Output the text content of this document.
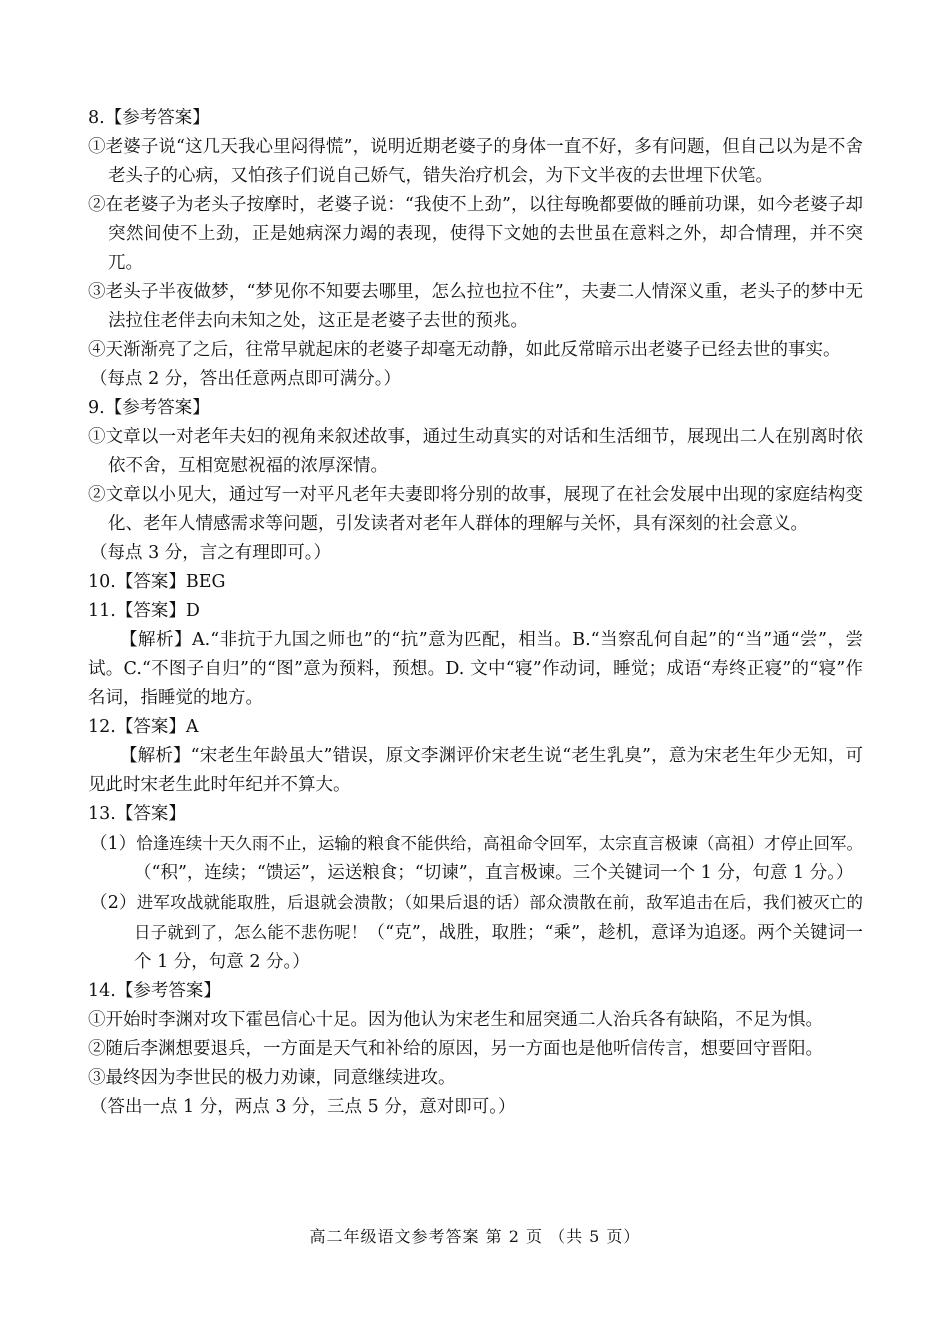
8.【参考答案】

①老婆子说“这几天我心里闷得慌”，说明近期老婆子的身体一直不好，多有问题，但自己以为是不舍老头子的心病，又怕孩子们说自己娇气，错失治疗机会，为下文半夜的去世埋下伏笔。

②在老婆子为老头子按摩时，老婆子说：“我使不上劲”，以往每晚都要做的睡前功课，如今老婆子却突然间使不上劲，正是她病深力竭的表现，使得下文她的去世虽在意料之外，却合情理，并不突兀。

③老头子半夜做梦，“梦见你不知要去哪里，怎么拉也拉不住”，夫妻二人情深义重，老头子的梦中无法拉住老伴去向未知之处，这正是老婆子去世的预兆。

④天渐渐亮了之后，往常早就起床的老婆子却毫无动静，如此反常暗示出老婆子已经去世的事实。

（每点 2 分，答出任意两点即可满分。）

9.【参考答案】

①文章以一对老年夫妇的视角来叙述故事，通过生动真实的对话和生活细节，展现出二人在别离时依依不舍，互相宽慰祝福的浓厚深情。

②文章以小见大，通过写一对平凡老年夫妻即将分别的故事，展现了在社会发展中出现的家庭结构变化、老年人情感需求等问题，引发读者对老年人群体的理解与关怀，具有深刻的社会意义。

（每点 3 分，言之有理即可。）

10.【答案】BEG

11.【答案】D

【解析】A.“非抗于九国之师也”的“抗”意为匹配，相当。B.“当察乱何自起”的“当”通“尝”，尝试。C.“不图子自归”的“图”意为预料，预想。D. 文中“寝”作动词，睡觉；成语“寿终正寝”的“寝”作名词，指睡觉的地方。

12.【答案】A

【解析】“宋老生年龄虽大”错误，原文李渊评价宋老生说“老生乳臭”，意为宋老生年少无知，可见此时宋老生此时年纪并不算大。

13.【答案】

（1）恰逢连续十天久雨不止，运输的粮食不能供给，高祖命令回军，太宗直言极谏（高祖）才停止回军。（“积”，连续；“馈运”，运送粮食；“切谏”，直言极谏。三个关键词一个 1 分，句意 1 分。）

（2）进军攻战就能取胜，后退就会溃散；（如果后退的话）部众溃散在前，敌军追击在后，我们被灭亡的日子就到了，怎么能不悲伤呢！（“克”，战胜，取胜；“乘”，趁机，意译为追逐。两个关键词一个 1 分，句意 2 分。）

14.【参考答案】

①开始时李渊对攻下霍邑信心十足。因为他认为宋老生和屈突通二人治兵各有缺陷，不足为惧。

②随后李渊想要退兵，一方面是天气和补给的原因，另一方面也是他听信传言，想要回守晋阳。

③最终因为李世民的极力劝谏，同意继续进攻。

（答出一点 1 分，两点 3 分，三点 5 分，意对即可。）

高二年级语文参考答案 第 2 页 （共 5 页）
